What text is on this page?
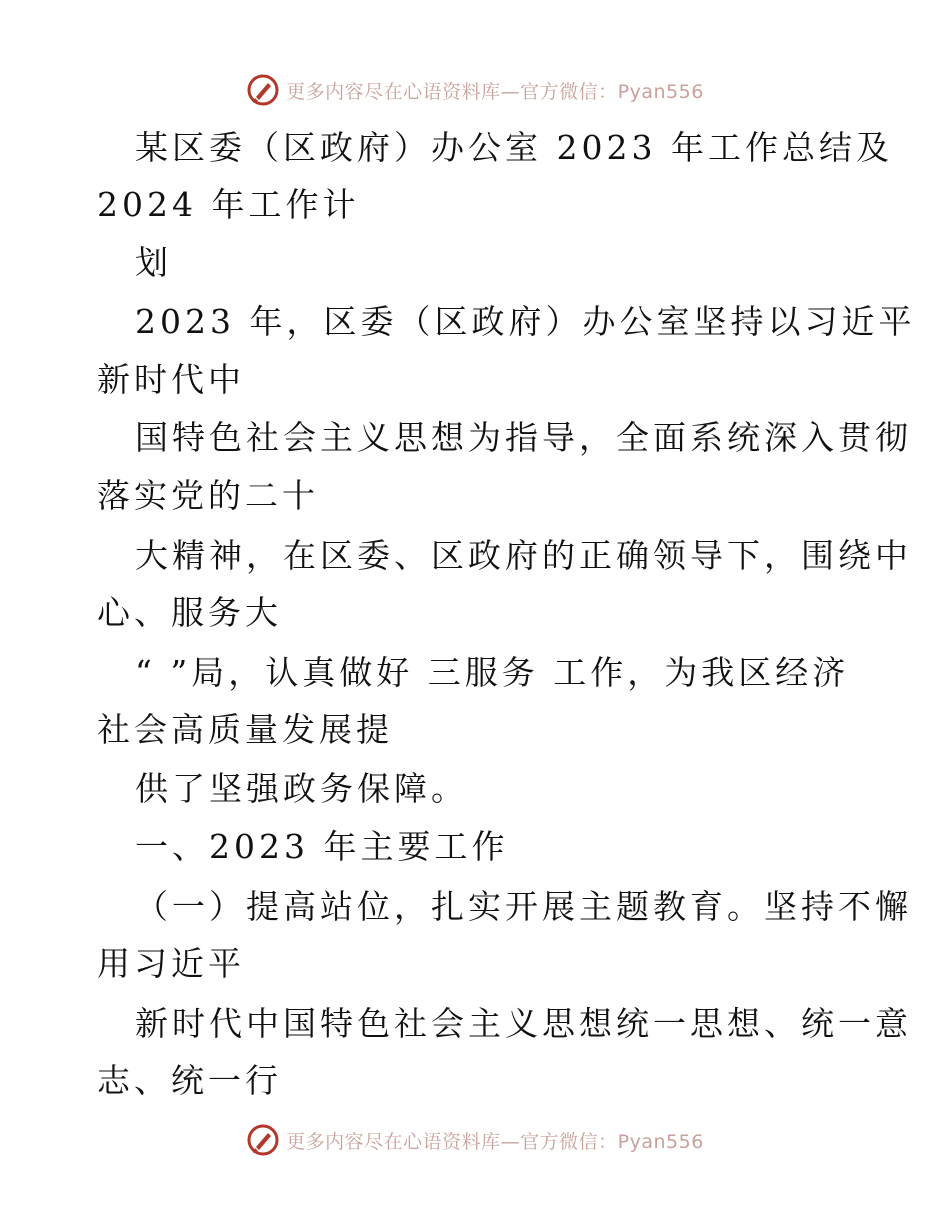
更多内容尽在心语资料库—官方微信：Pyan556
某区委（区政府）办公室 2023 年工作总结及
2024 年工作计
划
2023 年，区委（区政府）办公室坚持以习近平
新时代中
国特色社会主义思想为指导，全面系统深入贯彻
落实党的二十
大精神，在区委、区政府的正确领导下，围绕中
心、服务大
“ ”局，认真做好 三服务 工作，为我区经济
社会高质量发展提
供了坚强政务保障。
一、2023 年主要工作
（一）提高站位，扎实开展主题教育。坚持不懈
用习近平
新时代中国特色社会主义思想统一思想、统一意
志、统一行
更多内容尽在心语资料库—官方微信：Pyan556
